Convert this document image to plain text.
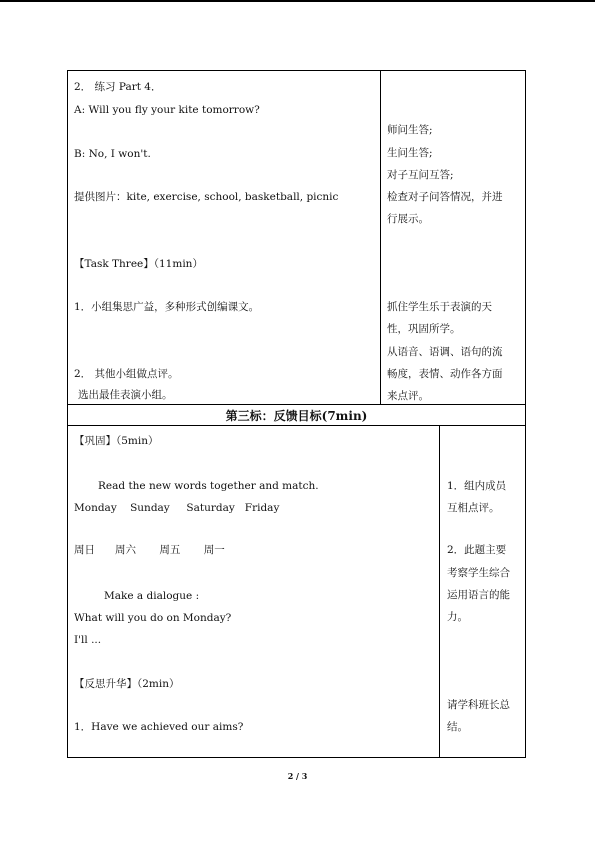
2． 练习 Part 4．
A: Will you fly your kite tomorrow?
B: No, I won't.
提供图片：kite, exercise, school, basketball, picnic
【Task Three】（11min）
1．小组集思广益，多种形式创编课文。
2． 其他小组做点评。
选出最佳表演小组。
师问生答;
生问生答;
对子互问互答;
检查对子问答情况，并进
行展示。
抓住学生乐于表演的天
性，巩固所学。
从语音、语调、语句的流
畅度，表情、动作各方面
来点评。
第三标：反馈目标(7min)
【巩固】（5min）
Read the new words together and match.
Monday    Sunday     Saturday   Friday
周日      周六       周五       周一
Make a dialogue :
What will you do on Monday?
I'll ...
【反思升华】（2min）
1．Have we achieved our aims?
1．组内成员
互相点评。
2．此题主要
考察学生综合
运用语言的能
力。
请学科班长总
结。
2 / 3
